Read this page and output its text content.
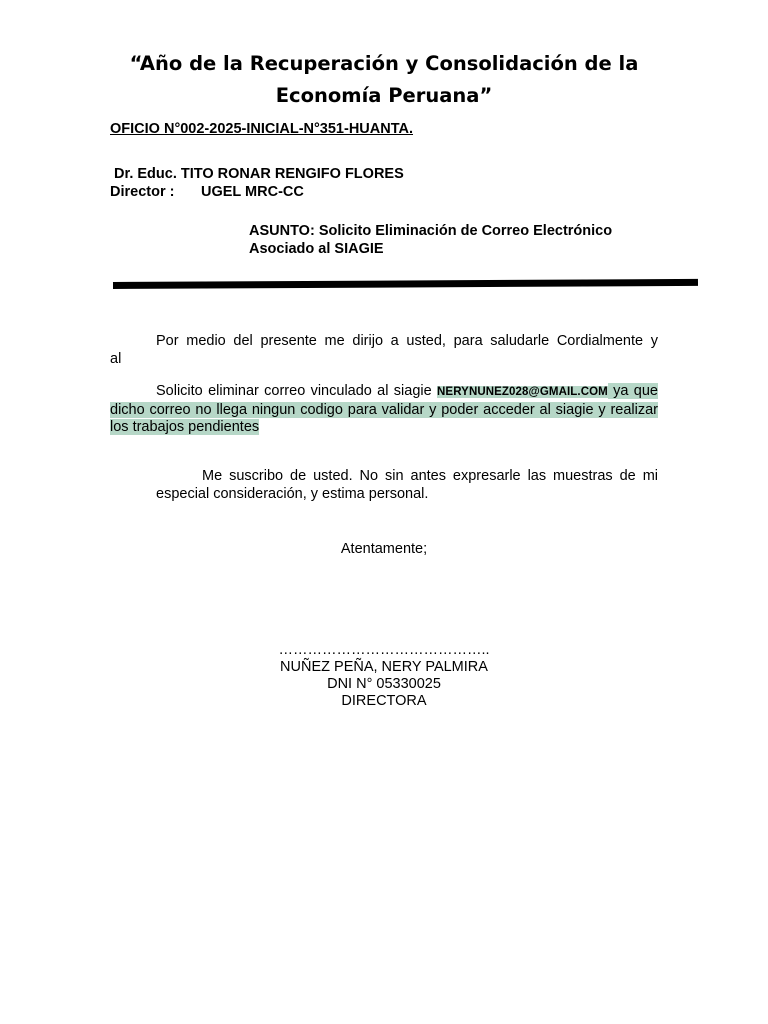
“Año de la Recuperación y Consolidación de la
Economía Peruana”
OFICIO N°002-2025-INICIAL-N°351-HUANTA.
Dr. Educ. TITO RONAR RENGIFO FLORES
Director : UGEL MRC-CC
ASUNTO: Solicito Eliminación de Correo Electrónico
Asociado al SIAGIE
Por medio del presente me dirijo a usted, para saludarle Cordialmente y
al
Solicito eliminar correo vinculado al siagie NERYNUNEZ028@GMAIL.COM ya que dicho correo no llega ningun codigo para validar y poder acceder al siagie y realizar los trabajos pendientes
Me suscribo de usted. No sin antes expresarle las muestras de mi
especial consideración, y estima personal.
Atentamente;
……………………………………..
NUÑEZ PEÑA, NERY PALMIRA
DNI N° 05330025
DIRECTORA
